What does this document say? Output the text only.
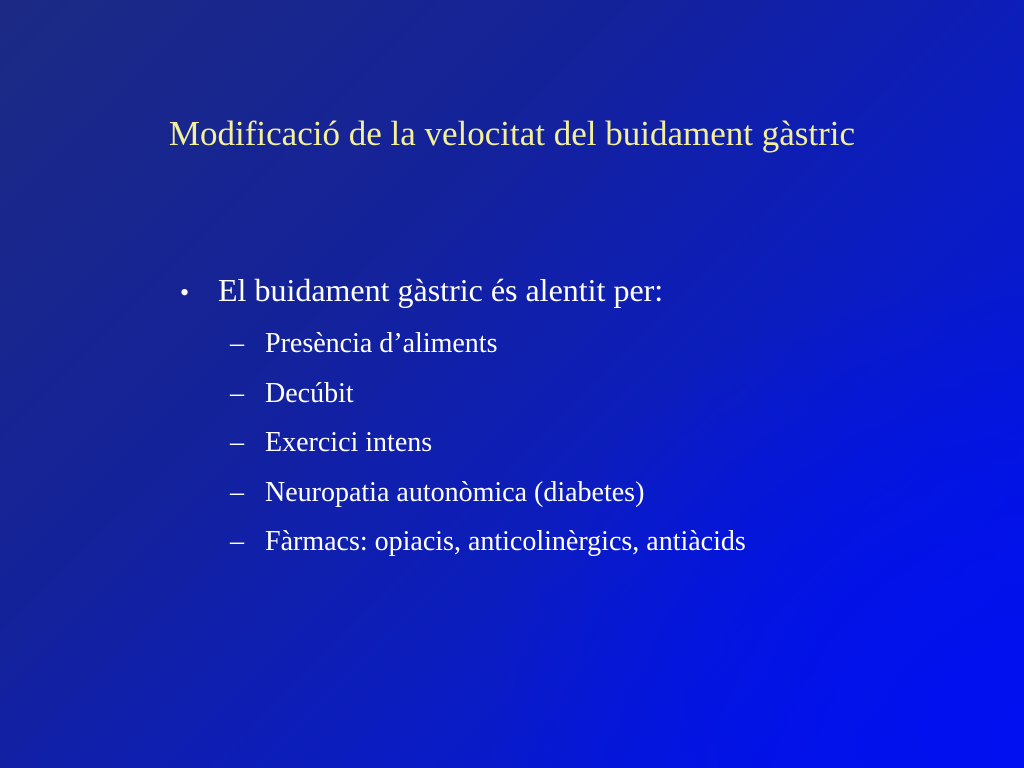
Modificació de la velocitat del buidament gàstric
• El buidament gàstric és alentit per:
– Presència d’aliments
– Decúbit
– Exercici intens
– Neuropatia autonòmica (diabetes)
– Fàrmacs: opiacis, anticolinèrgics, antiàcids
